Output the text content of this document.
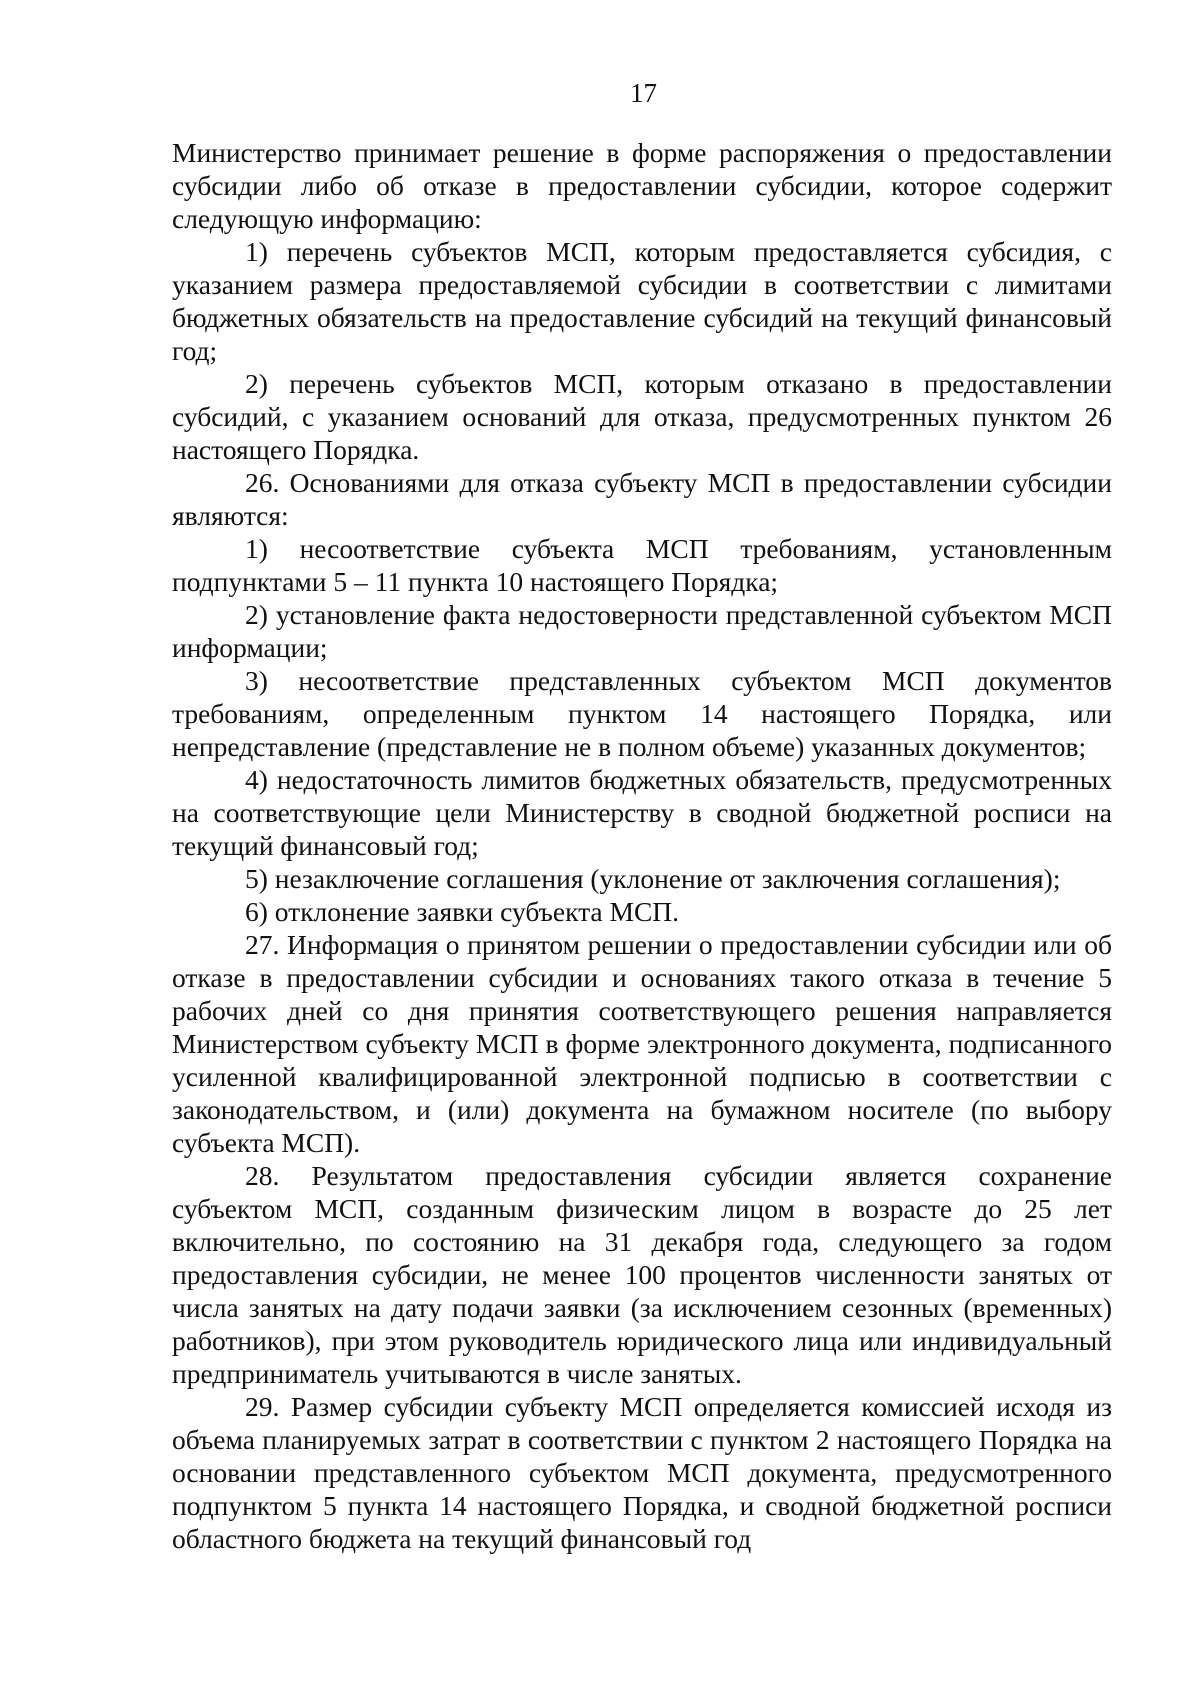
17

Министерство принимает решение в форме распоряжения о предоставлении субсидии либо об отказе в предоставлении субсидии, которое содержит следующую информацию:

1) перечень субъектов МСП, которым предоставляется субсидия, с указанием размера предоставляемой субсидии в соответствии с лимитами бюджетных обязательств на предоставление субсидий на текущий финансовый год;

2) перечень субъектов МСП, которым отказано в предоставлении субсидий, с указанием оснований для отказа, предусмотренных пунктом 26 настоящего Порядка.

26. Основаниями для отказа субъекту МСП в предоставлении субсидии являются:

1) несоответствие субъекта МСП требованиям, установленным подпунктами 5 – 11 пункта 10 настоящего Порядка;

2) установление факта недостоверности представленной субъектом МСП информации;

3) несоответствие представленных субъектом МСП документов требованиям, определенным пунктом 14 настоящего Порядка, или непредставление (представление не в полном объеме) указанных документов;

4) недостаточность лимитов бюджетных обязательств, предусмотренных на соответствующие цели Министерству в сводной бюджетной росписи на текущий финансовый год;

5) незаключение соглашения (уклонение от заключения соглашения);

6) отклонение заявки субъекта МСП.

27. Информация о принятом решении о предоставлении субсидии или об отказе в предоставлении субсидии и основаниях такого отказа в течение 5 рабочих дней со дня принятия соответствующего решения направляется Министерством субъекту МСП в форме электронного документа, подписанного усиленной квалифицированной электронной подписью в соответствии с законодательством, и (или) документа на бумажном носителе (по выбору субъекта МСП).

28. Результатом предоставления субсидии является сохранение субъектом МСП, созданным физическим лицом в возрасте до 25 лет включительно, по состоянию на 31 декабря года, следующего за годом предоставления субсидии, не менее 100 процентов численности занятых от числа занятых на дату подачи заявки (за исключением сезонных (временных) работников), при этом руководитель юридического лица или индивидуальный предприниматель учитываются в числе занятых.

29. Размер субсидии субъекту МСП определяется комиссией исходя из объема планируемых затрат в соответствии с пунктом 2 настоящего Порядка на основании представленного субъектом МСП документа, предусмотренного подпунктом 5 пункта 14 настоящего Порядка, и сводной бюджетной росписи областного бюджета на текущий финансовый год
